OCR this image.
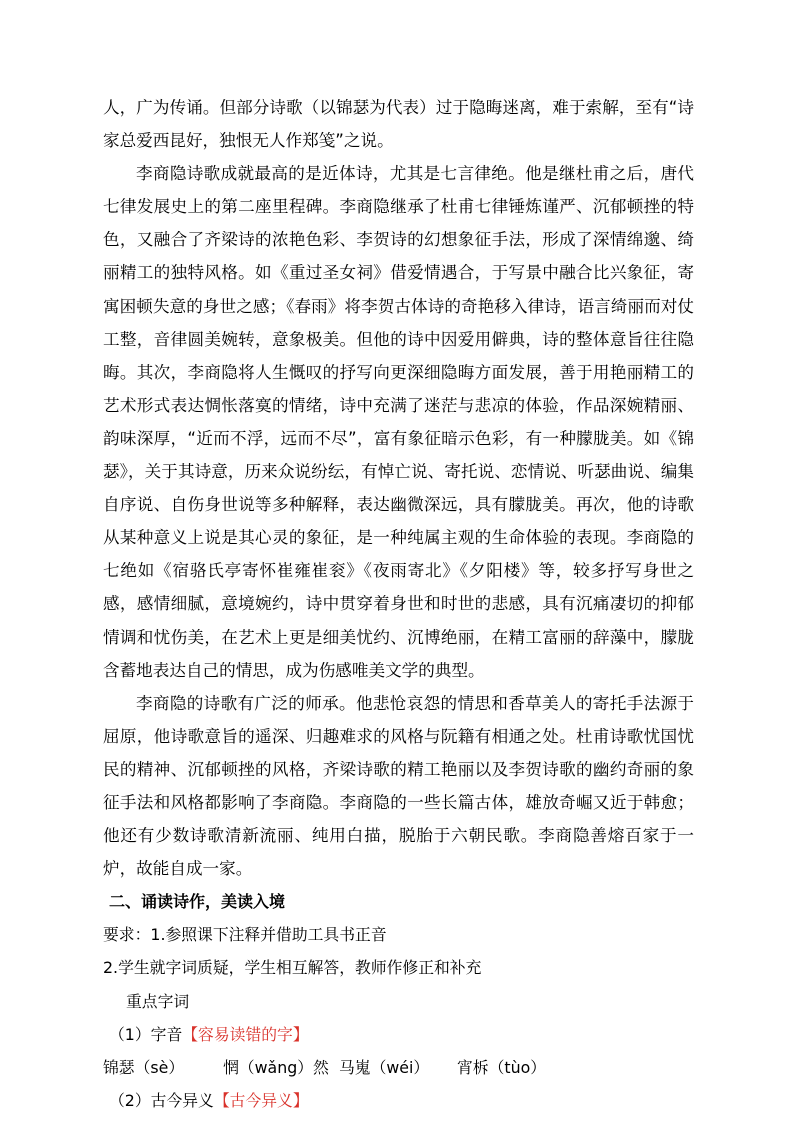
人，广为传诵。但部分诗歌（以锦瑟为代表）过于隐晦迷离，难于索解，至有“诗家总爱西昆好，独恨无人作郑笺”之说。

李商隐诗歌成就最高的是近体诗，尤其是七言律绝。他是继杜甫之后，唐代七律发展史上的第二座里程碑。李商隐继承了杜甫七律锤炼谨严、沉郁顿挫的特色，又融合了齐梁诗的浓艳色彩、李贺诗的幻想象征手法，形成了深情绵邈、绮丽精工的独特风格。如《重过圣女祠》借爱情遇合，于写景中融合比兴象征，寄寓困顿失意的身世之感；《春雨》将李贺古体诗的奇艳移入律诗，语言绮丽而对仗工整，音律圆美婉转，意象极美。但他的诗中因爱用僻典，诗的整体意旨往往隐晦。其次，李商隐将人生慨叹的抒写向更深细隐晦方面发展，善于用艳丽精工的艺术形式表达惆怅落寞的情绪，诗中充满了迷茫与悲凉的体验，作品深婉精丽、韵味深厚，“近而不浮，远而不尽”，富有象征暗示色彩，有一种朦胧美。如《锦瑟》，关于其诗意，历来众说纷纭，有悼亡说、寄托说、恋情说、听瑟曲说、编集自序说、自伤身世说等多种解释，表达幽微深远，具有朦胧美。再次，他的诗歌从某种意义上说是其心灵的象征，是一种纯属主观的生命体验的表现。李商隐的七绝如《宿骆氏亭寄怀崔雍崔衮》《夜雨寄北》《夕阳楼》等，较多抒写身世之感，感情细腻，意境婉约，诗中贯穿着身世和时世的悲感，具有沉痛凄切的抑郁情调和忧伤美，在艺术上更是细美忧约、沉博绝丽，在精工富丽的辞藻中，朦胧含蓄地表达自己的情思，成为伤感唯美文学的典型。

李商隐的诗歌有广泛的师承。他悲怆哀怨的情思和香草美人的寄托手法源于屈原，他诗歌意旨的遥深、归趣难求的风格与阮籍有相通之处。杜甫诗歌忧国忧民的精神、沉郁顿挫的风格，齐梁诗歌的精工艳丽以及李贺诗歌的幽约奇丽的象征手法和风格都影响了李商隐。李商隐的一些长篇古体，雄放奇崛又近于韩愈；他还有少数诗歌清新流丽、纯用白描，脱胎于六朝民歌。李商隐善熔百家于一炉，故能自成一家。

二、诵读诗作，美读入境

要求：1.参照课下注释并借助工具书正音

2.学生就字词质疑，学生相互解答，教师作修正和补充

重点字词

（1）字音【容易读错的字】

锦瑟（sè） 惘（wǎng）然 马嵬（wéi） 宵柝（tùo）

（2）古今异义【古今异义】
